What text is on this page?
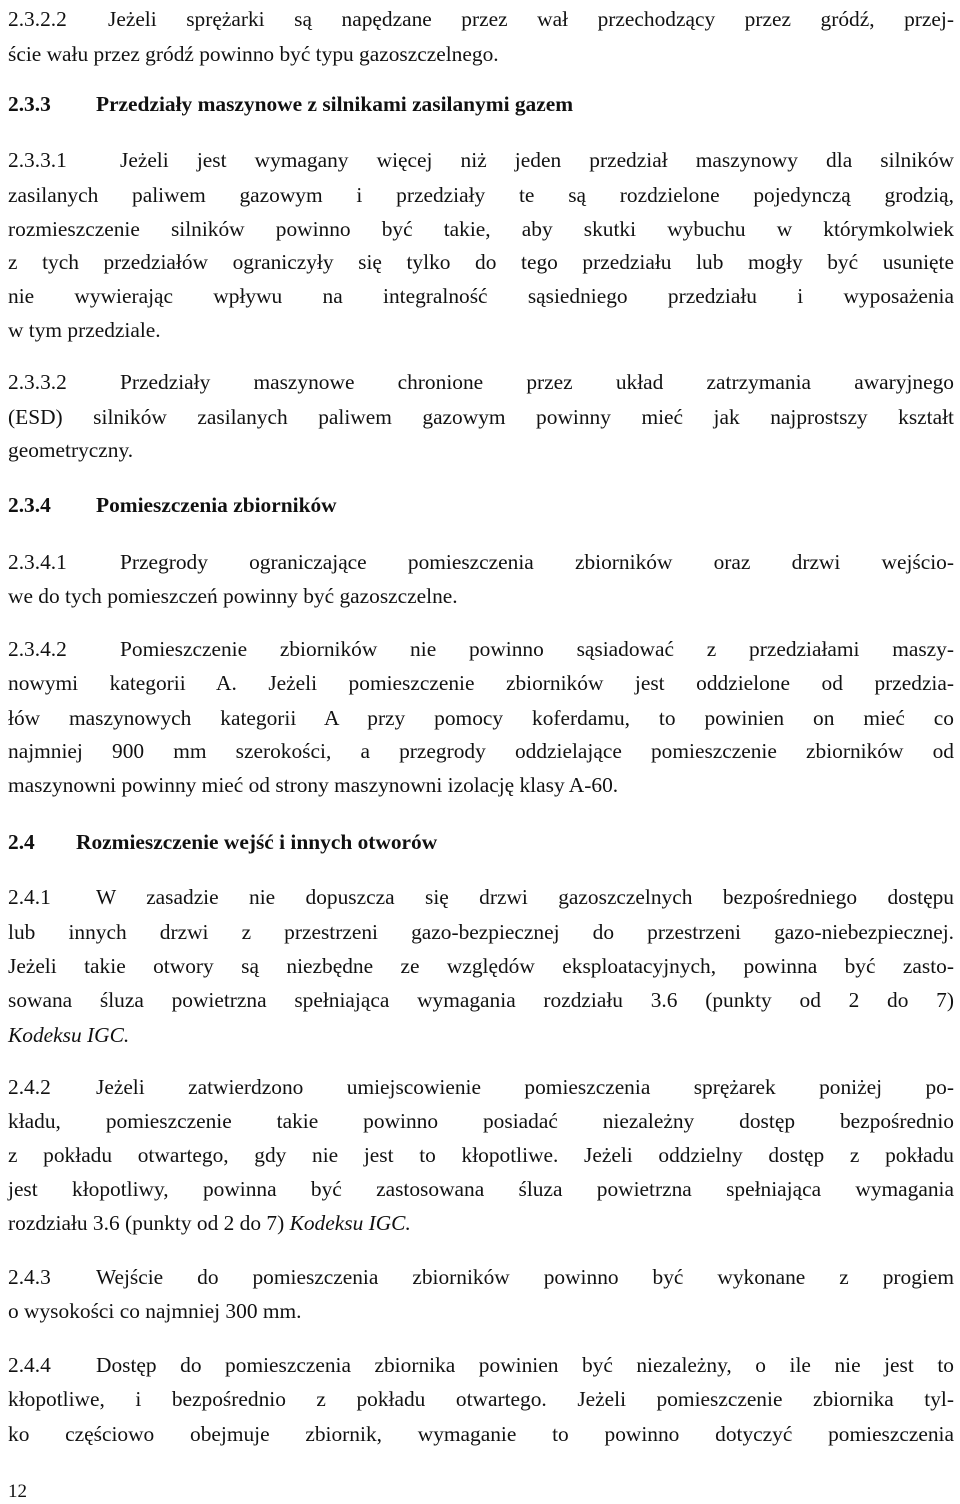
2.3.2.2 Jeżeli sprężarki są napędzane przez wał przechodzący przez gródź, przej-
ście wału przez gródź powinno być typu gazoszczelnego.
2.3.3 Przedziały maszynowe z silnikami zasilanymi gazem
2.3.3.1 Jeżeli jest wymagany więcej niż jeden przedział maszynowy dla silników
zasilanych paliwem gazowym i przedziały te są rozdzielone pojedynczą grodzią,
rozmieszczenie silników powinno być takie, aby skutki wybuchu w którymkolwiek
z tych przedziałów ograniczyły się tylko do tego przedziału lub mogły być usunięte
nie wywierając wpływu na integralność sąsiedniego przedziału i wyposażenia
w tym przedziale.
2.3.3.2 Przedziały maszynowe chronione przez układ zatrzymania awaryjnego
(ESD) silników zasilanych paliwem gazowym powinny mieć jak najprostszy kształt
geometryczny.
2.3.4 Pomieszczenia zbiorników
2.3.4.1 Przegrody ograniczające pomieszczenia zbiorników oraz drzwi wejścio-
we do tych pomieszczeń powinny być gazoszczelne.
2.3.4.2 Pomieszczenie zbiorników nie powinno sąsiadować z przedziałami maszy-
nowymi kategorii A. Jeżeli pomieszczenie zbiorników jest oddzielone od przedzia-
łów maszynowych kategorii A przy pomocy koferdamu, to powinien on mieć co
najmniej 900 mm szerokości, a przegrody oddzielające pomieszczenie zbiorników od
maszynowni powinny mieć od strony maszynowni izolację klasy A-60.
2.4 Rozmieszczenie wejść i innych otworów
2.4.1 W zasadzie nie dopuszcza się drzwi gazoszczelnych bezpośredniego dostępu
lub innych drzwi z przestrzeni gazo-bezpiecznej do przestrzeni gazo-niebezpiecznej.
Jeżeli takie otwory są niezbędne ze względów eksploatacyjnych, powinna być zasto-
sowana śluza powietrzna spełniająca wymagania rozdziału 3.6 (punkty od 2 do 7)
Kodeksu IGC.
2.4.2 Jeżeli zatwierdzono umiejscowienie pomieszczenia sprężarek poniżej po-
kładu, pomieszczenie takie powinno posiadać niezależny dostęp bezpośrednio
z pokładu otwartego, gdy nie jest to kłopotliwe. Jeżeli oddzielny dostęp z pokładu
jest kłopotliwy, powinna być zastosowana śluza powietrzna spełniająca wymagania
rozdziału 3.6 (punkty od 2 do 7) Kodeksu IGC.
2.4.3 Wejście do pomieszczenia zbiorników powinno być wykonane z progiem
o wysokości co najmniej 300 mm.
2.4.4 Dostęp do pomieszczenia zbiornika powinien być niezależny, o ile nie jest to
kłopotliwe, i bezpośrednio z pokładu otwartego. Jeżeli pomieszczenie zbiornika tyl-
ko częściowo obejmuje zbiornik, wymaganie to powinno dotyczyć pomieszczenia
12
